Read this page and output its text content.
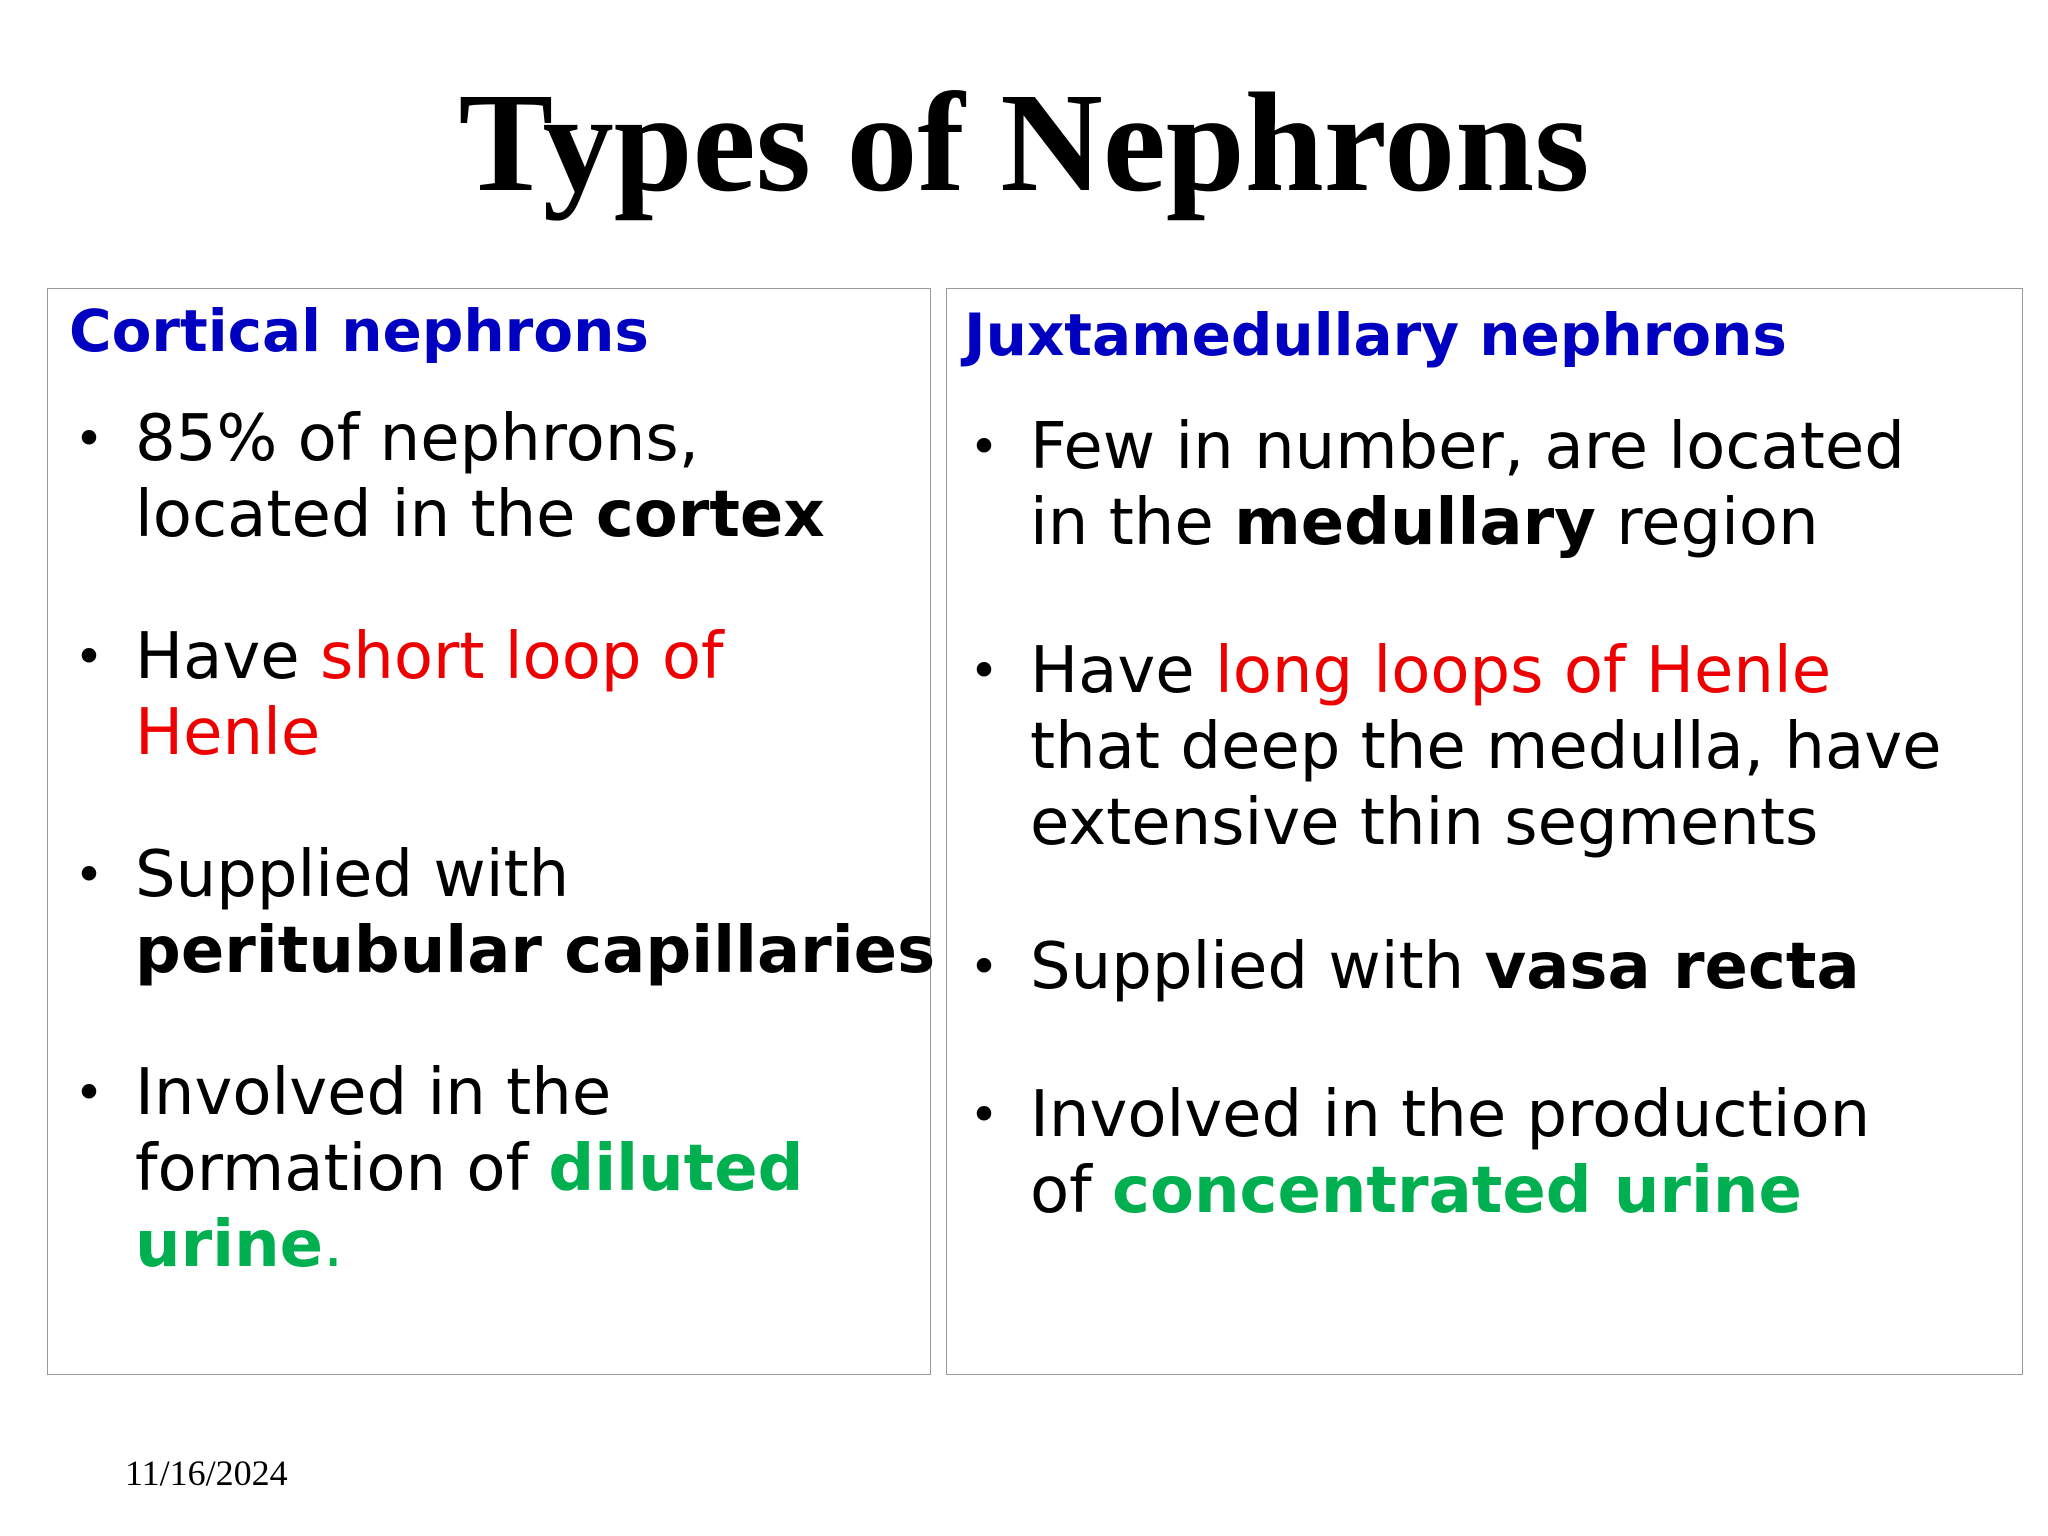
Types of Nephrons
Cortical nephrons
• 85% of nephrons,
located in the cortex
• Have short loop of
Henle
• Supplied with
peritubular capillaries
• Involved in the
formation of diluted
urine.
Juxtamedullary nephrons
• Few in number, are located
in the medullary region
• Have long loops of Henle
that deep the medulla, have
extensive thin segments
• Supplied with vasa recta
• Involved in the production
of concentrated urine

11/16/2024
